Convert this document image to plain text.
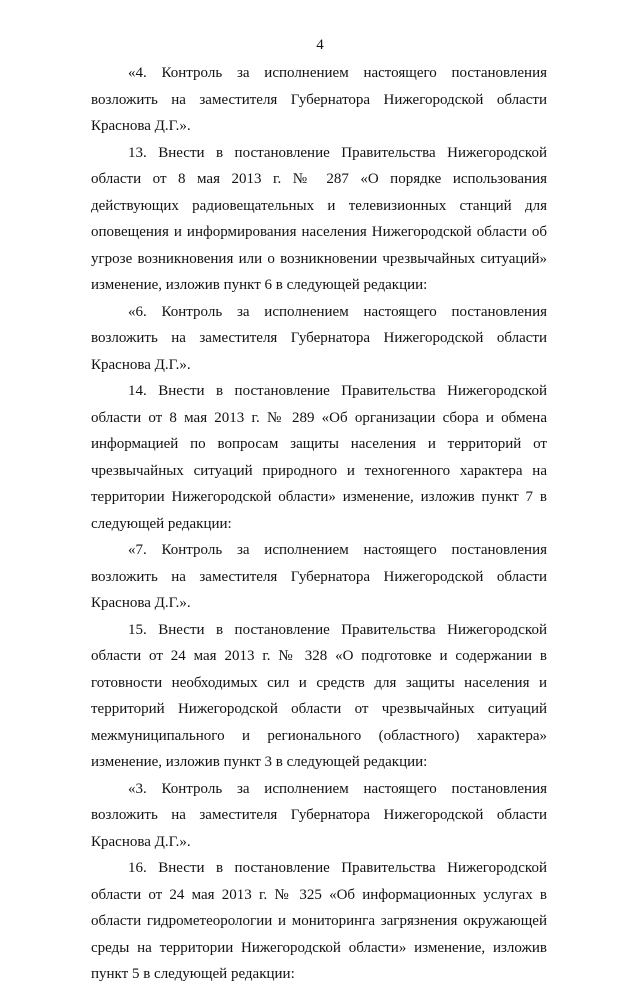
4

«4. Контроль за исполнением настоящего постановления возложить на заместителя Губернатора Нижегородской области Краснова Д.Г.».

13. Внести в постановление Правительства Нижегородской области от 8 мая 2013 г. № 287 «О порядке использования действующих радиовещательных и телевизионных станций для оповещения и информирования населения Нижегородской области об угрозе возникновения или о возникновении чрезвычайных ситуаций» изменение, изложив пункт 6 в следующей редакции:

«6. Контроль за исполнением настоящего постановления возложить на заместителя Губернатора Нижегородской области Краснова Д.Г.».

14. Внести в постановление Правительства Нижегородской области от 8 мая 2013 г. № 289 «Об организации сбора и обмена информацией по вопросам защиты населения и территорий от чрезвычайных ситуаций природного и техногенного характера на территории Нижегородской области» изменение, изложив пункт 7 в следующей редакции:

«7. Контроль за исполнением настоящего постановления возложить на заместителя Губернатора Нижегородской области Краснова Д.Г.».

15. Внести в постановление Правительства Нижегородской области от 24 мая 2013 г. № 328 «О подготовке и содержании в готовности необходимых сил и средств для защиты населения и территорий Нижегородской области от чрезвычайных ситуаций межмуниципального и регионального (областного) характера» изменение, изложив пункт 3 в следующей редакции:

«3. Контроль за исполнением настоящего постановления возложить на заместителя Губернатора Нижегородской области Краснова Д.Г.».

16. Внести в постановление Правительства Нижегородской области от 24 мая 2013 г. № 325 «Об информационных услугах в области гидрометеорологии и мониторинга загрязнения окружающей среды на территории Нижегородской области» изменение, изложив пункт 5 в следующей редакции:
